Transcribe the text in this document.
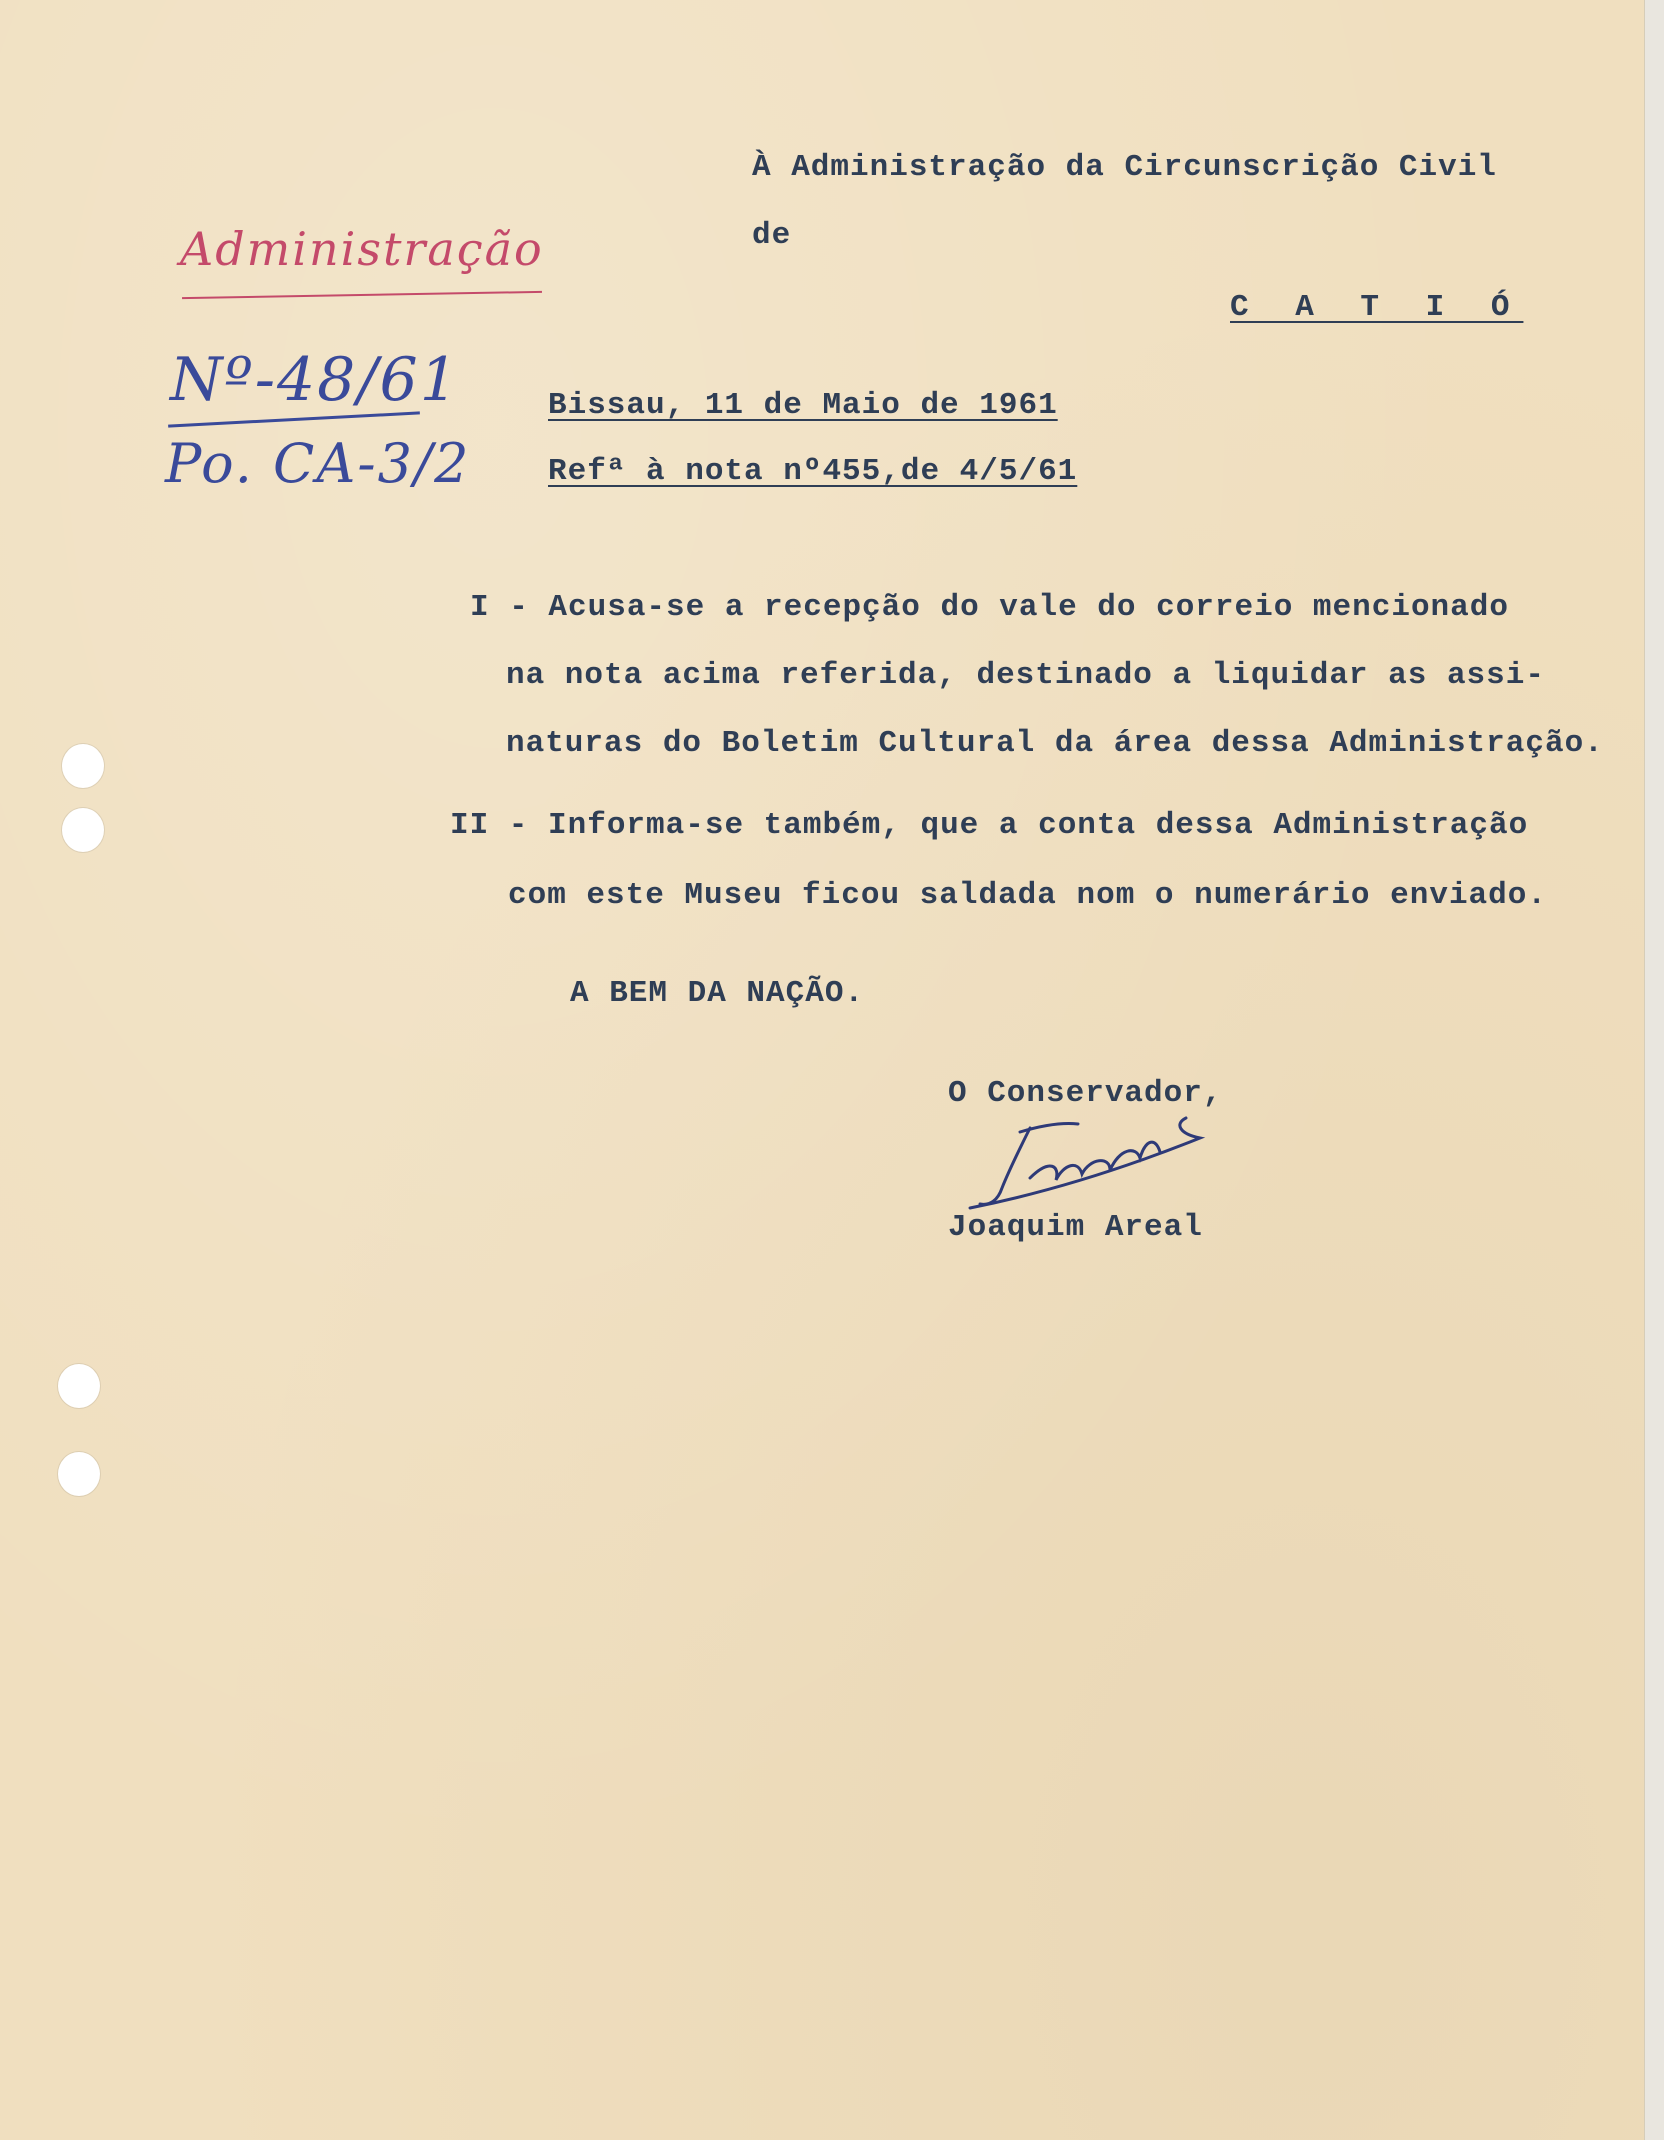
Administração
Nº-48/61
Po. CA-3/2
À Administração da Circunscrição Civil
de
C A T I Ó
Bissau, 11 de Maio de 1961
Refª à nota nº455,de 4/5/61
I - Acusa-se a recepção do vale do correio mencionado
na nota acima referida, destinado a liquidar as assi-
naturas do Boletim Cultural da área dessa Administração.
II - Informa-se também, que a conta dessa Administração
com este Museu ficou saldada nom o numerário enviado.
A BEM DA NAÇÃO.
O Conservador,
Joaquim Areal
